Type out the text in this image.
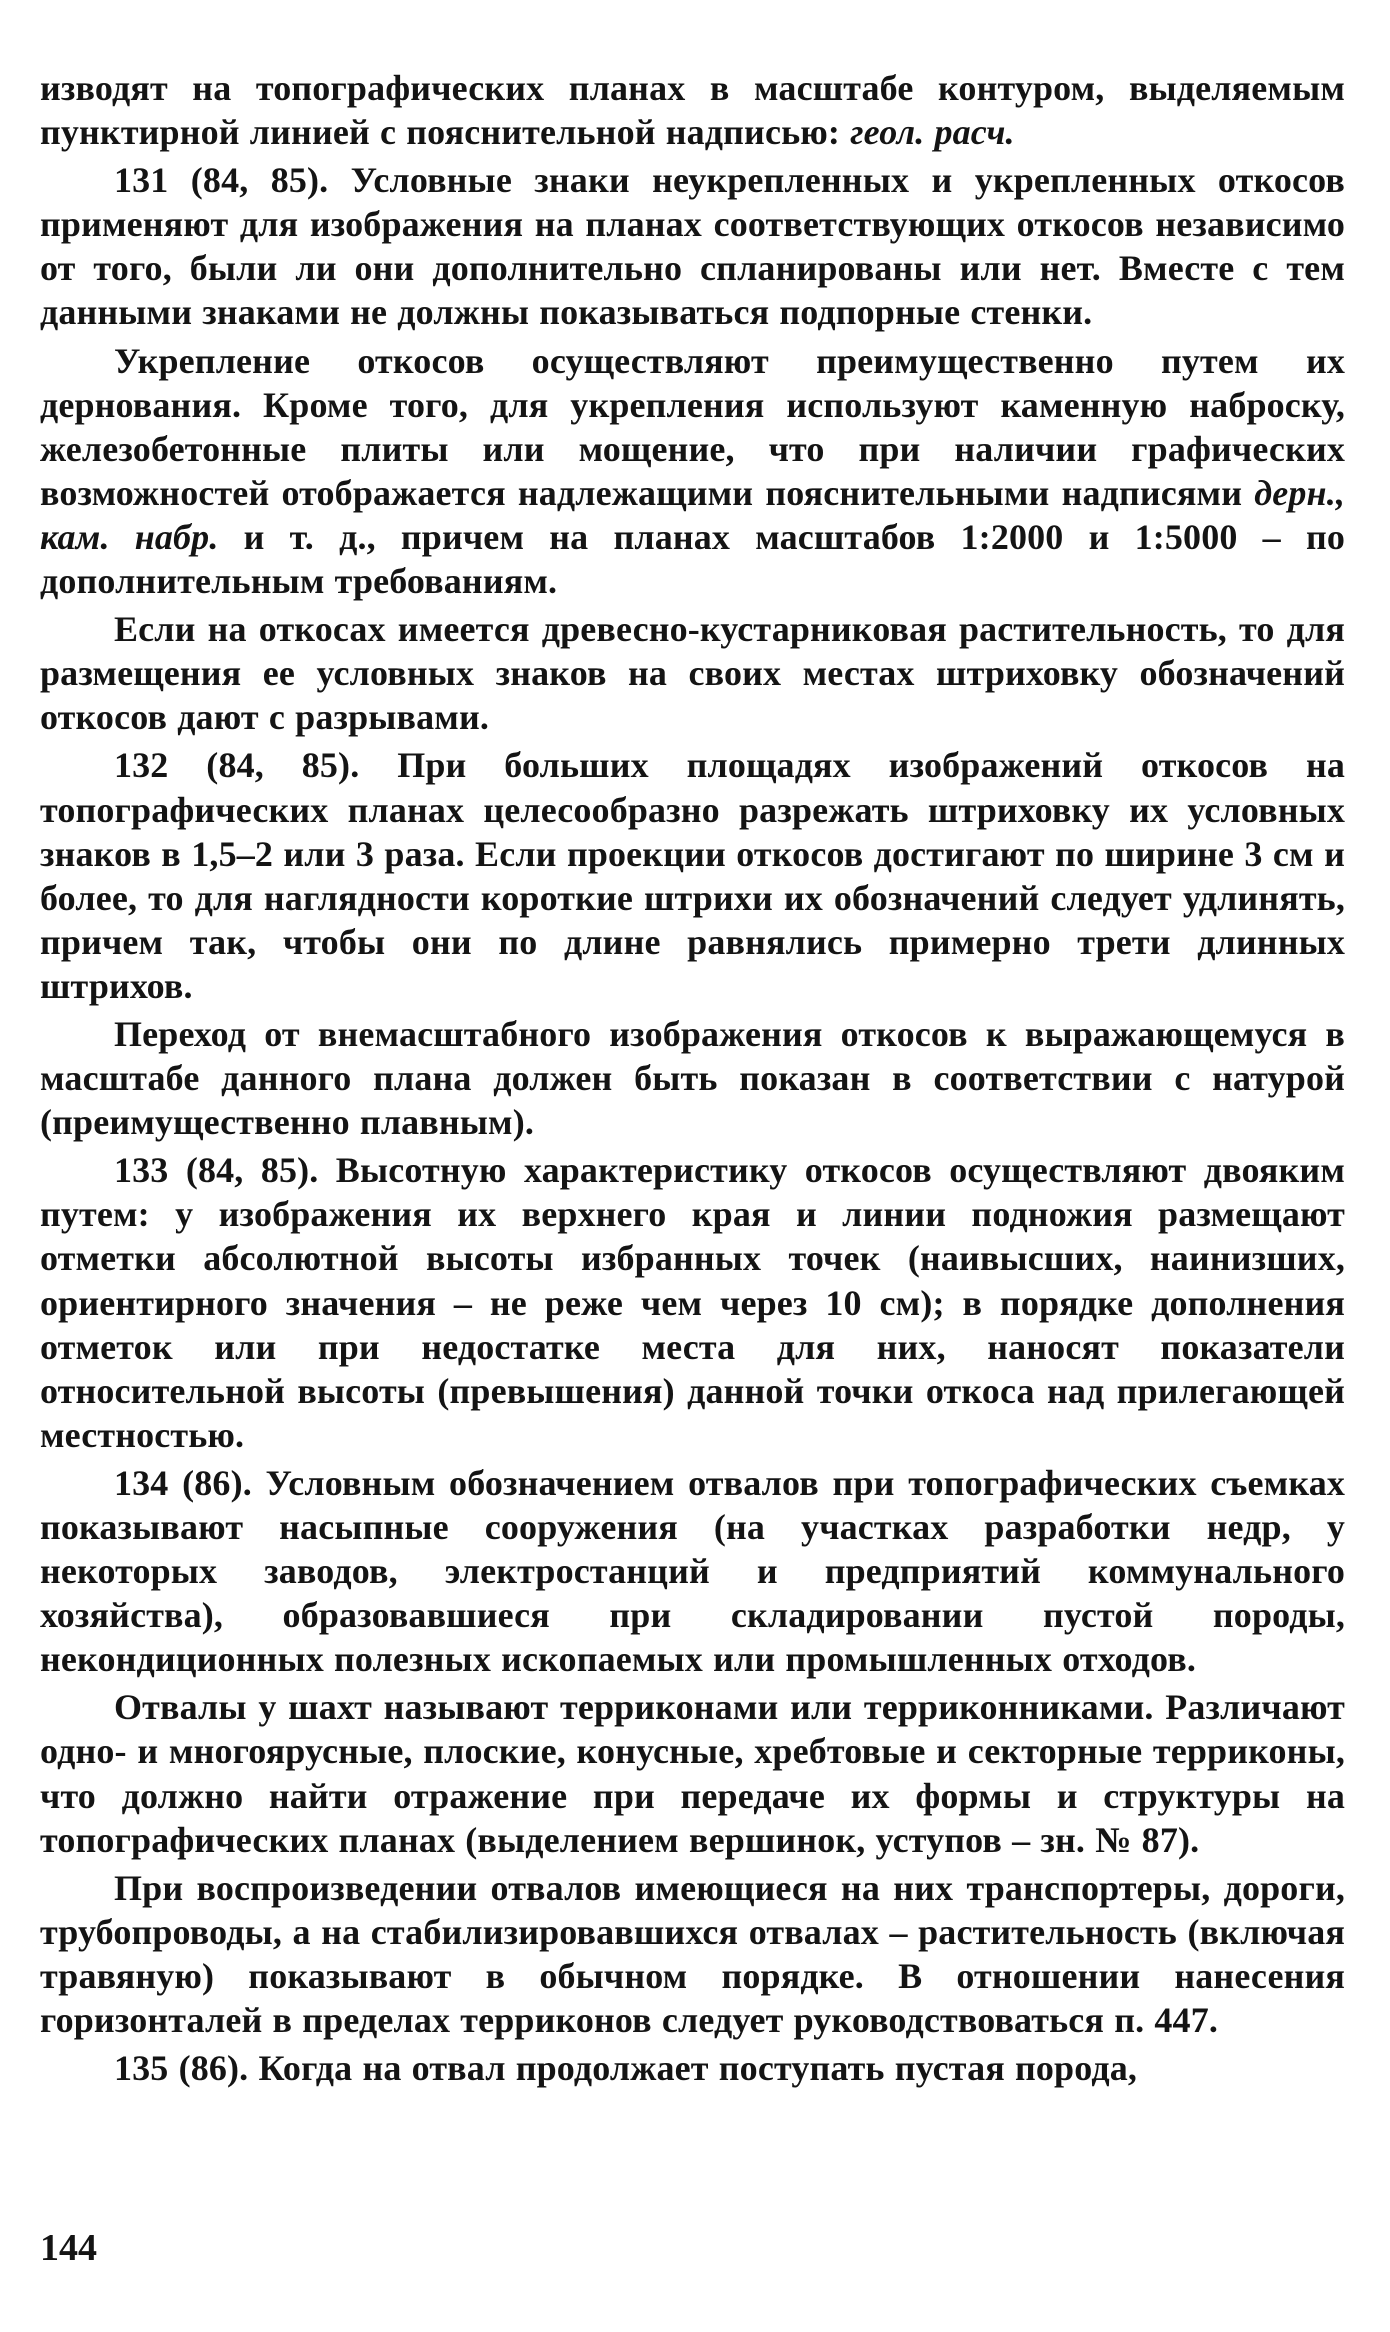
изводят на топографических планах в масштабе контуром, выделяемым пунктирной линией с пояснительной надписью: геол. расч.

131 (84, 85). Условные знаки неукрепленных и укрепленных откосов применяют для изображения на планах соответствующих откосов независимо от того, были ли они дополнительно спланированы или нет. Вместе с тем данными знаками не должны показываться подпорные стенки.

Укрепление откосов осуществляют преимущественно путем их дернования. Кроме того, для укрепления используют каменную наброску, железобетонные плиты или мощение, что при наличии графических возможностей отображается надлежащими пояснительными надписями дерн., кам. набр. и т. д., причем на планах масштабов 1:2000 и 1:5000 – по дополнительным требованиям.

Если на откосах имеется древесно-кустарниковая растительность, то для размещения ее условных знаков на своих местах штриховку обозначений откосов дают с разрывами.

132 (84, 85). При больших площадях изображений откосов на топографических планах целесообразно разрежать штриховку их условных знаков в 1,5–2 или 3 раза. Если проекции откосов достигают по ширине 3 см и более, то для наглядности короткие штрихи их обозначений следует удлинять, причем так, чтобы они по длине равнялись примерно трети длинных штрихов.

Переход от внемасштабного изображения откосов к выражающемуся в масштабе данного плана должен быть показан в соответствии с натурой (преимущественно плавным).

133 (84, 85). Высотную характеристику откосов осуществляют двояким путем: у изображения их верхнего края и линии подножия размещают отметки абсолютной высоты избранных точек (наивысших, наинизших, ориентирного значения – не реже чем через 10 см); в порядке дополнения отметок или при недостатке места для них, наносят показатели относительной высоты (превышения) данной точки откоса над прилегающей местностью.

134 (86). Условным обозначением отвалов при топографических съемках показывают насыпные сооружения (на участках разработки недр, у некоторых заводов, электростанций и предприятий коммунального хозяйства), образовавшиеся при складировании пустой породы, некондиционных полезных ископаемых или промышленных отходов.

Отвалы у шахт называют терриконами или терриконниками. Различают одно- и многоярусные, плоские, конусные, хребтовые и секторные терриконы, что должно найти отражение при передаче их формы и структуры на топографических планах (выделением вершинок, уступов – зн. № 87).

При воспроизведении отвалов имеющиеся на них транспортеры, дороги, трубопроводы, а на стабилизировавшихся отвалах – растительность (включая травяную) показывают в обычном порядке. В отношении нанесения горизонталей в пределах терриконов следует руководствоваться п. 447.

135 (86). Когда на отвал продолжает поступать пустая порода,

144
